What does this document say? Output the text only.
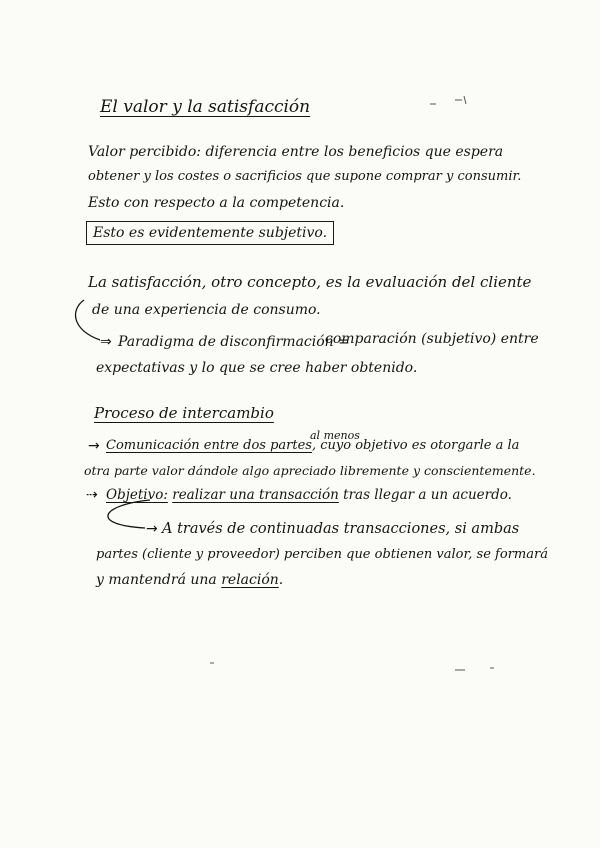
El valor y la satisfacción
Valor percibido: diferencia entre los beneficios que espera
obtener y los costes o sacrificios que supone comprar y consumir.
Esto con respecto a la competencia.
Esto es evidentemente subjetivo.
La satisfacción, otro concepto, es la evaluación del cliente
de una experiencia de consumo.
⇒ Paradigma de disconfirmación =
comparación (subjetivo) entre
expectativas y lo que se cree haber obtenido.
Proceso de intercambio
al menos
→ Comunicación entre dos partes, cuyo objetivo es otorgarle a la
otra parte valor dándole algo apreciado libremente y conscientemente.
⇢ Objetivo: realizar una transacción tras llegar a un acuerdo.
→ A través de continuadas transacciones, si ambas
partes (cliente y proveedor) perciben que obtienen valor, se formará
y mantendrá una relación.
